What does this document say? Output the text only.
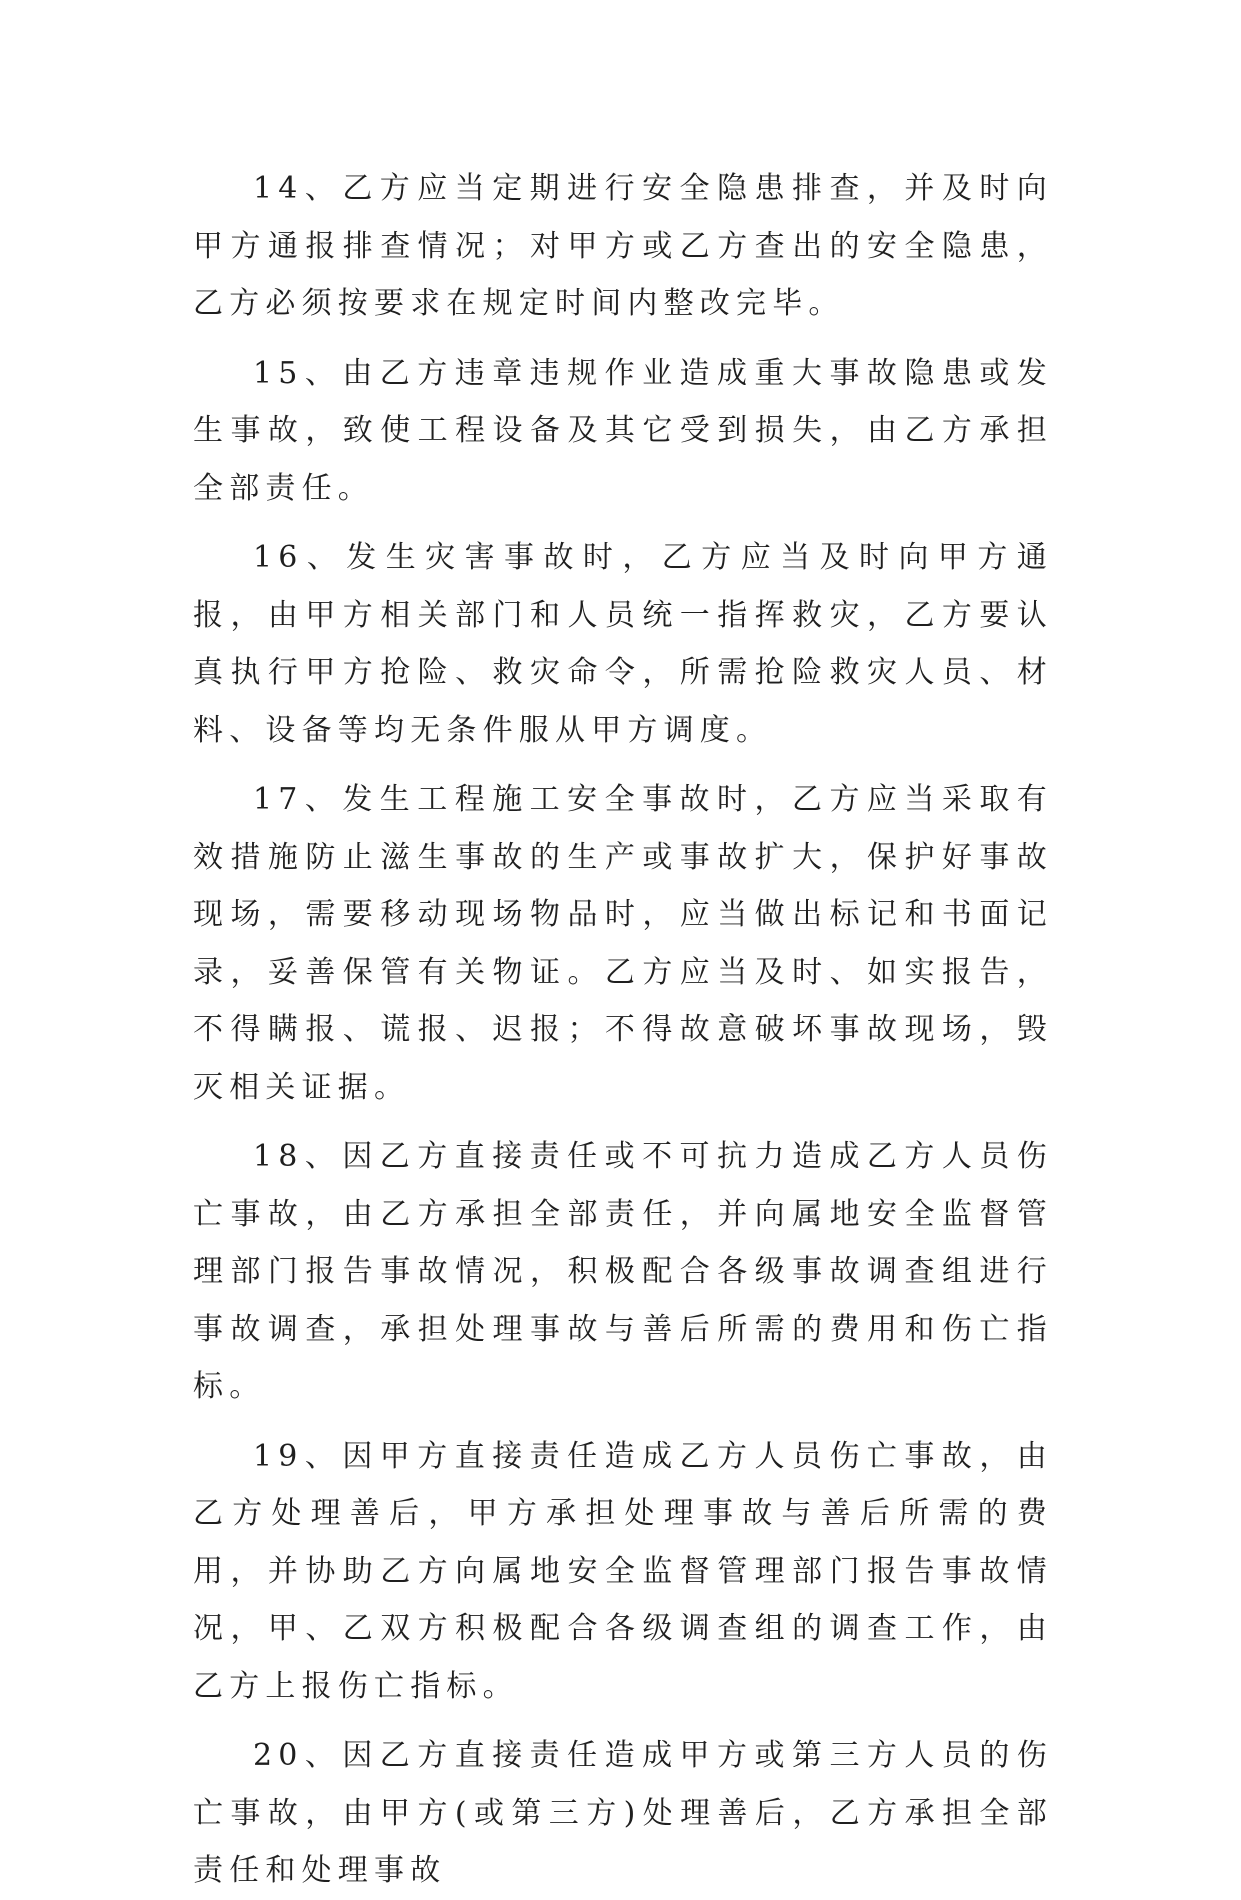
14、乙方应当定期进行安全隐患排查，并及时向甲方通报排查情况；对甲方或乙方查出的安全隐患，乙方必须按要求在规定时间内整改完毕。

15、由乙方违章违规作业造成重大事故隐患或发生事故，致使工程设备及其它受到损失，由乙方承担全部责任。

16、发生灾害事故时，乙方应当及时向甲方通报，由甲方相关部门和人员统一指挥救灾，乙方要认真执行甲方抢险、救灾命令，所需抢险救灾人员、材料、设备等均无条件服从甲方调度。

17、发生工程施工安全事故时，乙方应当采取有效措施防止滋生事故的生产或事故扩大，保护好事故现场，需要移动现场物品时，应当做出标记和书面记录，妥善保管有关物证。乙方应当及时、如实报告，不得瞒报、谎报、迟报；不得故意破坏事故现场，毁灭相关证据。

18、因乙方直接责任或不可抗力造成乙方人员伤亡事故，由乙方承担全部责任，并向属地安全监督管理部门报告事故情况，积极配合各级事故调查组进行事故调查，承担处理事故与善后所需的费用和伤亡指标。

19、因甲方直接责任造成乙方人员伤亡事故，由乙方处理善后，甲方承担处理事故与善后所需的费用，并协助乙方向属地安全监督管理部门报告事故情况，甲、乙双方积极配合各级调查组的调查工作，由乙方上报伤亡指标。

20、因乙方直接责任造成甲方或第三方人员的伤亡事故，由甲方(或第三方)处理善后，乙方承担全部责任和处理事故
